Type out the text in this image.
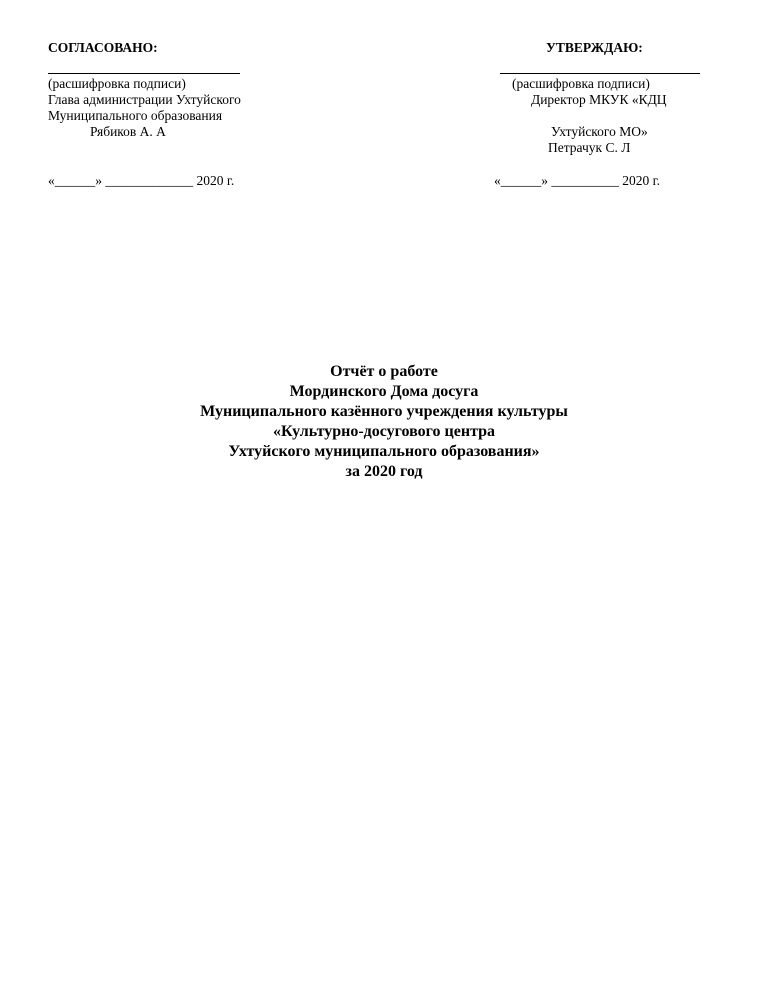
СОГЛАСОВАНО:
(расшифровка подписи)
Глава администрации Ухтуйского
Муниципального образования
Рябиков А. А
«______» _____________ 2020 г.
УТВЕРЖДАЮ:
(расшифровка подписи)
Директор МКУК «КДЦ
Ухтуйского МО»
Петрачук С. Л
«______» __________ 2020 г.
Отчёт о работе
Мординского Дома досуга
Муниципального казённого учреждения культуры
«Культурно-досугового центра
Ухтуйского муниципального образования»
за 2020 год
